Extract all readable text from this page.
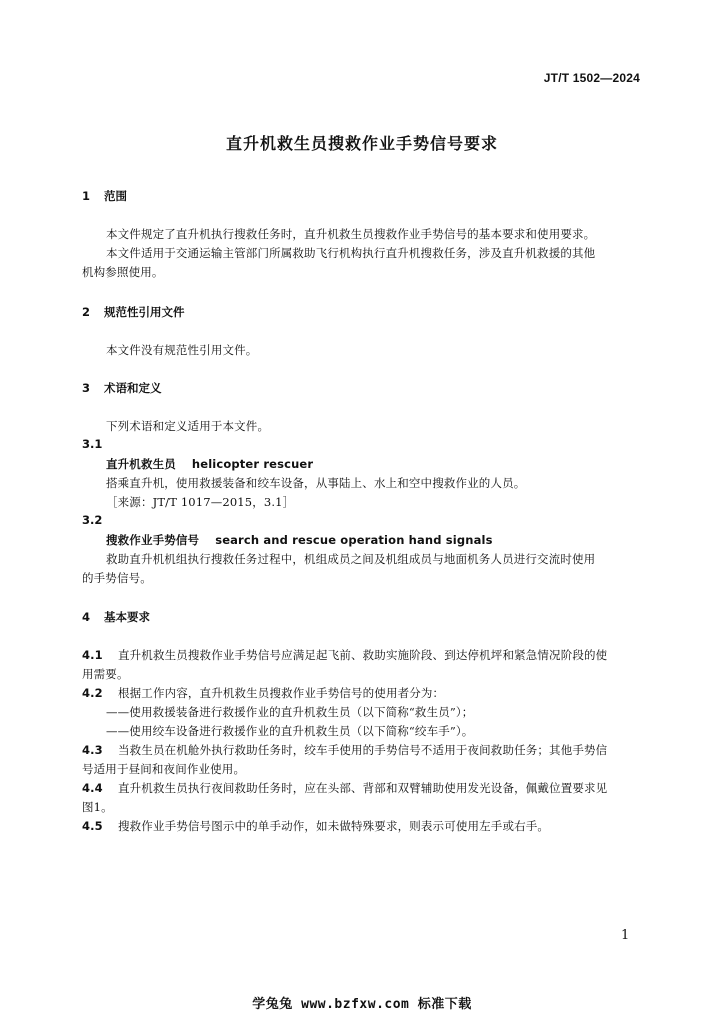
JT/T 1502—2024
直升机救生员搜救作业手势信号要求
1 范围
本文件规定了直升机执行搜救任务时，直升机救生员搜救作业手势信号的基本要求和使用要求。
本文件适用于交通运输主管部门所属救助飞行机构执行直升机搜救任务，涉及直升机救援的其他
机构参照使用。
2 规范性引用文件
本文件没有规范性引用文件。
3 术语和定义
下列术语和定义适用于本文件。
3.1
直升机救生员 helicopter rescuer
搭乘直升机，使用救援装备和绞车设备，从事陆上、水上和空中搜救作业的人员。
［来源：JT/T 1017—2015，3.1］
3.2
搜救作业手势信号 search and rescue operation hand signals
救助直升机机组执行搜救任务过程中，机组成员之间及机组成员与地面机务人员进行交流时使用
的手势信号。
4 基本要求
4.1 直升机救生员搜救作业手势信号应满足起飞前、救助实施阶段、到达停机坪和紧急情况阶段的使
用需要。
4.2 根据工作内容，直升机救生员搜救作业手势信号的使用者分为：
——使用救援装备进行救援作业的直升机救生员（以下简称“救生员”）；
——使用绞车设备进行救援作业的直升机救生员（以下简称“绞车手”）。
4.3 当救生员在机舱外执行救助任务时，绞车手使用的手势信号不适用于夜间救助任务；其他手势信
号适用于昼间和夜间作业使用。
4.4 直升机救生员执行夜间救助任务时，应在头部、背部和双臂辅助使用发光设备，佩戴位置要求见
图1。
4.5 搜救作业手势信号图示中的单手动作，如未做特殊要求，则表示可使用左手或右手。
1
学兔兔 www.bzfxw.com 标准下载
